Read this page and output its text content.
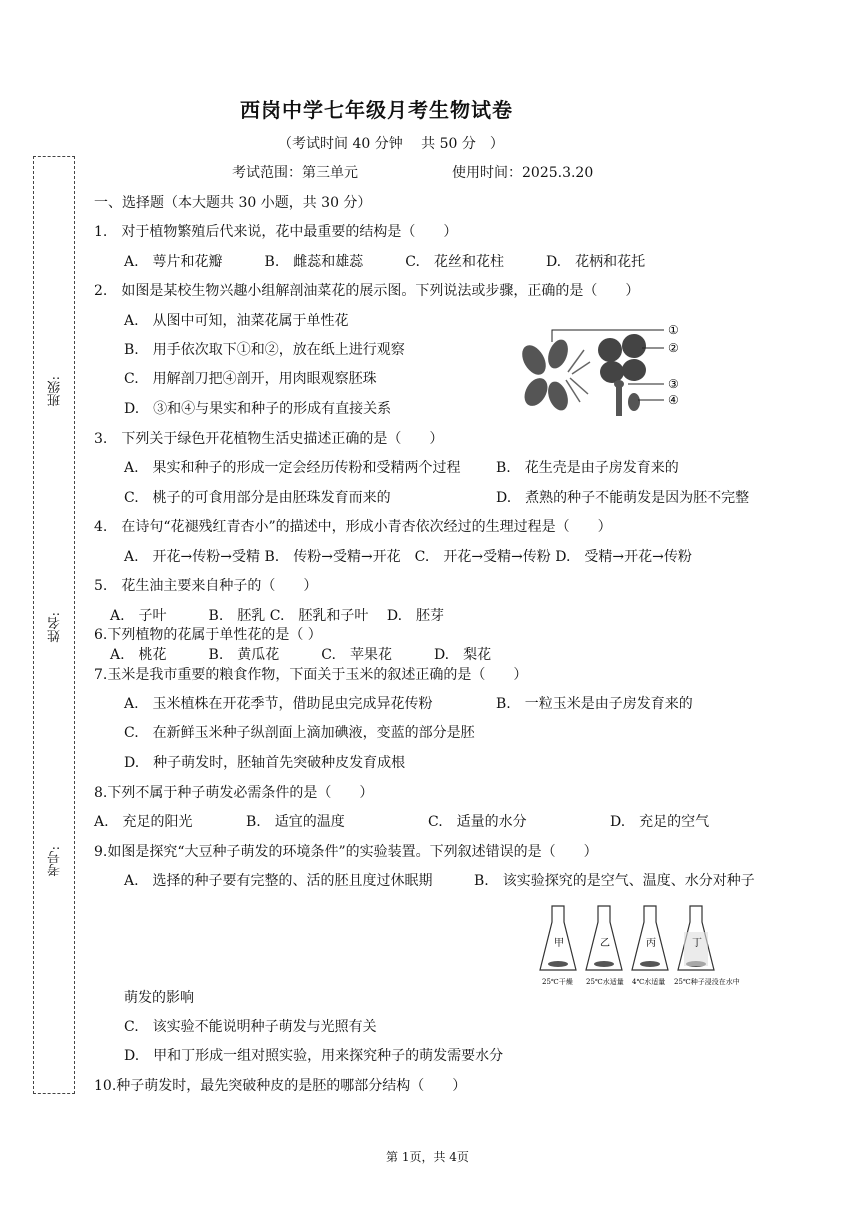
西岗中学七年级月考生物试卷
（考试时间 40 分钟　 共 50 分　）
考试范围：第三单元	使用时间：2025.3.20
班级:
姓名:
考号:
一、选择题（本大题共 30 小题，共 30 分）
1.　对于植物繁殖后代来说，花中最重要的结构是（　　）
A.　萼片和花瓣　　　B.　雌蕊和雄蕊　　　C.　花丝和花柱　　　D.　花柄和花托
2.　如图是某校生物兴趣小组解剖油菜花的展示图。下列说法或步骤，正确的是（　　）
A.　从图中可知，油菜花属于单性花
B.　用手依次取下①和②，放在纸上进行观察
C.　用解剖刀把④剖开，用肉眼观察胚珠
D.　③和④与果实和种子的形成有直接关系
①
②
③
④
3.　下列关于绿色开花植物生活史描述正确的是（　　）
A.　果实和种子的形成一定会经历传粉和受精两个过程	B.　花生壳是由子房发育来的
C.　桃子的可食用部分是由胚珠发育而来的	D.　煮熟的种子不能萌发是因为胚不完整
4.　在诗句“花褪残红青杏小”的描述中，形成小青杏依次经过的生理过程是（　　）
A.　开花→传粉→受精 B.　传粉→受精→开花　C.　开花→受精→传粉 D.　受精→开花→传粉
5.　花生油主要来自种子的（　　）
A.　子叶　　　B.　胚乳 C.　胚乳和子叶　 D.　胚芽
6.下列植物的花属于单性花的是（ ）
A.　桃花　　　B.　黄瓜花　　　C.　苹果花　　　D.　梨花
7.玉米是我市重要的粮食作物，下面关于玉米的叙述正确的是（　　）
A.　玉米植株在开花季节，借助昆虫完成异花传粉	B.　一粒玉米是由子房发育来的
C.　在新鲜玉米种子纵剖面上滴加碘液，变蓝的部分是胚
D.　种子萌发时，胚轴首先突破种皮发育成根
8.下列不属于种子萌发必需条件的是（　　）
A.　充足的阳光	B.　适宜的温度	C.　适量的水分	D.　充足的空气
9.如图是探究“大豆种子萌发的环境条件”的实验装置。下列叙述错误的是（　　）
A.　选择的种子要有完整的、活的胚且度过休眠期	B.　该实验探究的是空气、温度、水分对种子
甲	乙	丙	丁
25℃干燥 25℃水适量 4℃水适量 25℃种子浸没在水中
萌发的影响
C.　该实验不能说明种子萌发与光照有关
D.　甲和丁形成一组对照实验，用来探究种子的萌发需要水分
10.种子萌发时，最先突破种皮的是胚的哪部分结构（　　）
第 1页，共 4页
